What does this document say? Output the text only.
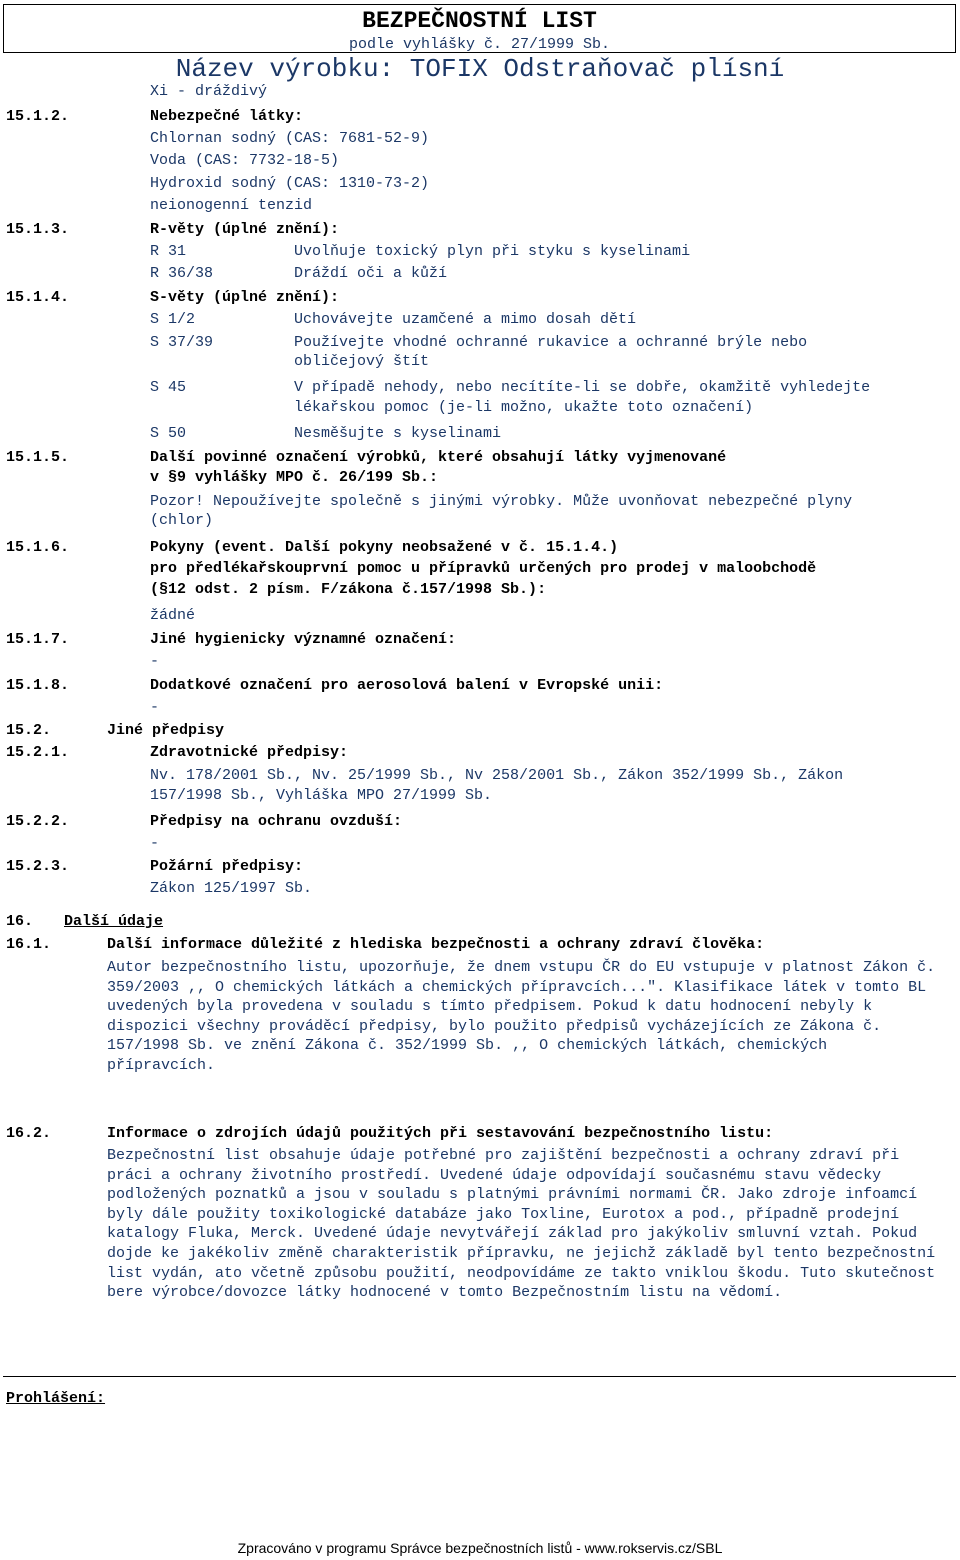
BEZPEČNOSTNÍ LIST
podle vyhlášky č. 27/1999 Sb.
Název výrobku: TOFIX Odstraňovač plísní
Xi - dráždivý
15.1.2.	Nebezpečné látky:
Chlornan sodný (CAS: 7681-52-9)
Voda (CAS: 7732-18-5)
Hydroxid sodný (CAS: 1310-73-2)
neionogenní tenzid
15.1.3.	R-věty (úplné znění):
R 31	Uvolňuje toxický plyn při styku s kyselinami
R 36/38	Dráždí oči a kůží
15.1.4.	S-věty (úplné znění):
S 1/2	Uchovávejte uzamčené a mimo dosah dětí
S 37/39	Používejte vhodné ochranné rukavice a ochranné brýle nebo
obličejový štít
S 45	V případě nehody, nebo necítíte-li se dobře, okamžitě vyhledejte
lékařskou pomoc (je-li možno, ukažte toto označení)
S 50	Nesměšujte s kyselinami
15.1.5.	Další povinné označení výrobků, které obsahují látky vyjmenované
v §9 vyhlášky MPO č. 26/199 Sb.:
Pozor! Nepoužívejte společně s jinými výrobky. Může uvonňovat nebezpečné plyny
(chlor)
15.1.6.	Pokyny (event. Další pokyny neobsažené v č. 15.1.4.)
pro předlékařskouprvní pomoc u přípravků určených pro prodej v maloobchodě
(§12 odst. 2 písm. F/zákona č.157/1998 Sb.):
žádné
15.1.7.	Jiné hygienicky významné označení:
-
15.1.8.	Dodatkové označení pro aerosolová balení v Evropské unii:
-
15.2.	Jiné předpisy
15.2.1.	Zdravotnické předpisy:
Nv. 178/2001 Sb., Nv. 25/1999 Sb., Nv 258/2001 Sb., Zákon 352/1999 Sb., Zákon
157/1998 Sb., Vyhláška MPO 27/1999 Sb.
15.2.2.	Předpisy na ochranu ovzduší:
-
15.2.3.	Požární předpisy:
Zákon 125/1997 Sb.
16. Další údaje
16.1.	Další informace důležité z hlediska bezpečnosti a ochrany zdraví člověka:
Autor bezpečnostního listu, upozorňuje, že dnem vstupu ČR do EU vstupuje v platnost Zákon č. 359/2003 ,, O chemických látkách a chemických přípravcích...". Klasifikace látek v tomto BL uvedených byla provedena v souladu s tímto předpisem. Pokud k datu hodnocení nebyly k dispozici všechny prováděcí předpisy, bylo použito předpisů vycházejících ze Zákona č. 157/1998 Sb. ve znění Zákona č. 352/1999 Sb. ,, O chemických látkách, chemických přípravcích.
16.2.	Informace o zdrojích údajů použitých při sestavování bezpečnostního listu:
Bezpečnostní list obsahuje údaje potřebné pro zajištění bezpečnosti a ochrany zdraví při práci a ochrany životního prostředí. Uvedené údaje odpovídají současnému stavu vědecky podložených poznatků a jsou v souladu s platnými právními normami ČR. Jako zdroje infoamcí byly dále použity toxikologické databáze jako Toxline, Eurotox a pod., případně prodejní katalogy Fluka, Merck. Uvedené údaje nevytvářejí základ pro jakýkoliv smluvní vztah. Pokud dojde ke jakékoliv změně charakteristik přípravku, ne jejichž základě byl tento bezpečnostní list vydán, ato včetně způsobu použití, neodpovídáme ze takto vniklou škodu. Tuto skutečnost bere výrobce/dovozce látky hodnocené v tomto Bezpečnostním listu na vědomí.
Prohlášení:
Zpracováno v programu Správce bezpečnostních listů - www.rokservis.cz/SBL
